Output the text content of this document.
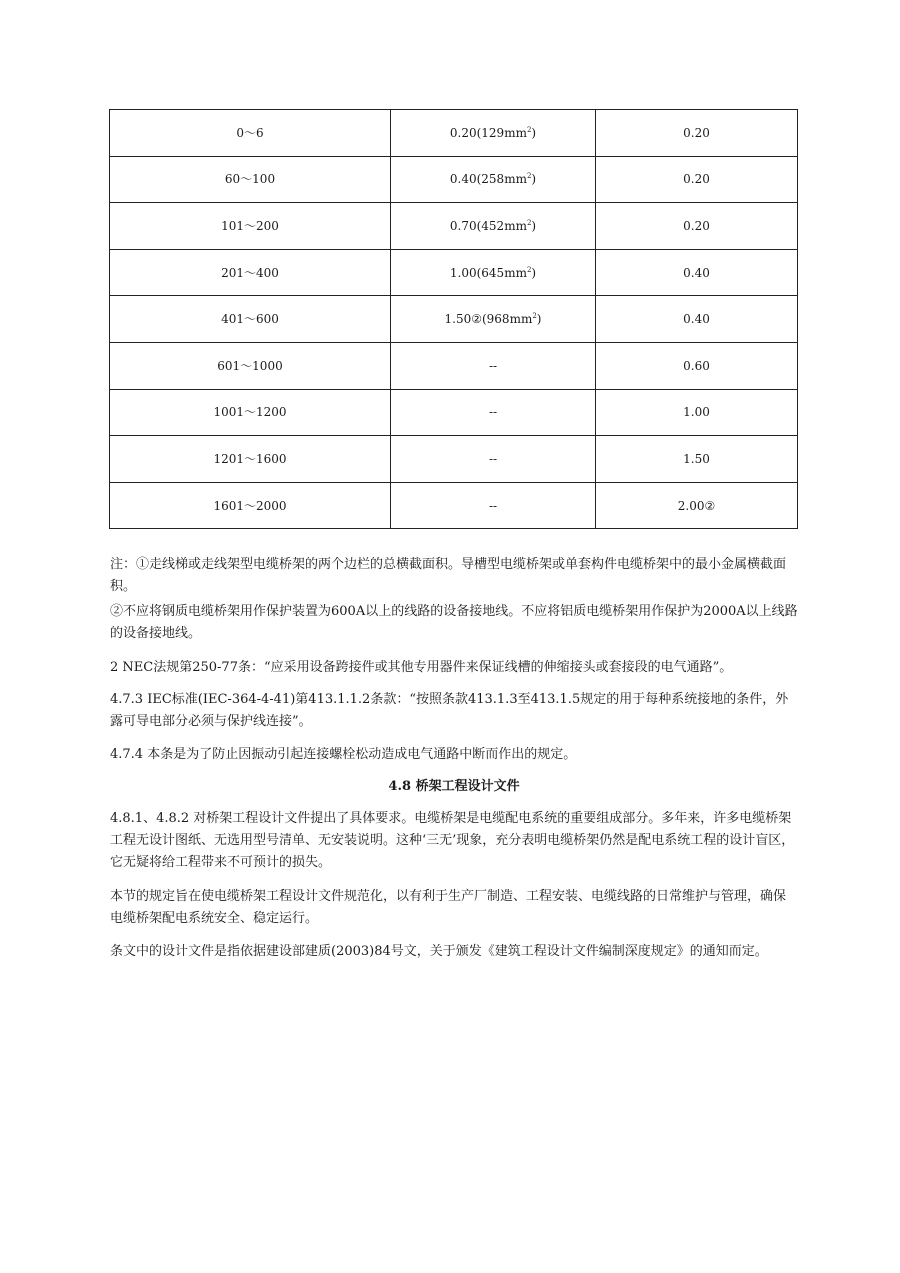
0～6	$0.20(129mm^2)$	0.20
60～100	$0.40(258mm^2)$	0.20
101～200	$0.70(452mm^2)$	0.20
201～400	$1.00(645mm^2)$	0.40
401～600	$1.50②(968mm^2)$	0.40
601～1000	--	0.60
1001～1200	--	1.00
1201～1600	--	1.50
1601～2000	--	2.00②

注：①走线梯或走线架型电缆桥架的两个边栏的总横截面积。导槽型电缆桥架或单套构件电缆桥架中的最小金属横截面积。

②不应将钢质电缆桥架用作保护装置为600A以上的线路的设备接地线。不应将铝质电缆桥架用作保护为2000A以上线路的设备接地线。

2 NEC法规第250-77条：“应采用设备跨接件或其他专用器件来保证线槽的伸缩接头或套接段的电气通路”。

4.7.3 IEC标准(IEC-364-4-41)第413.1.1.2条款：“按照条款413.1.3至413.1.5规定的用于每种系统接地的条件，外露可导电部分必须与保护线连接”。

4.7.4 本条是为了防止因振动引起连接螺栓松动造成电气通路中断而作出的规定。

4.8 桥架工程设计文件

4.8.1、4.8.2 对桥架工程设计文件提出了具体要求。电缆桥架是电缆配电系统的重要组成部分。多年来，许多电缆桥架工程无设计图纸、无选用型号清单、无安装说明。这种‘三无’现象，充分表明电缆桥架仍然是配电系统工程的设计盲区，它无疑将给工程带来不可预计的损失。

本节的规定旨在使电缆桥架工程设计文件规范化，以有利于生产厂制造、工程安装、电缆线路的日常维护与管理，确保电缆桥架配电系统安全、稳定运行。

条文中的设计文件是指依据建设部建质(2003)84号文，关于颁发《建筑工程设计文件编制深度规定》的通知而定。
